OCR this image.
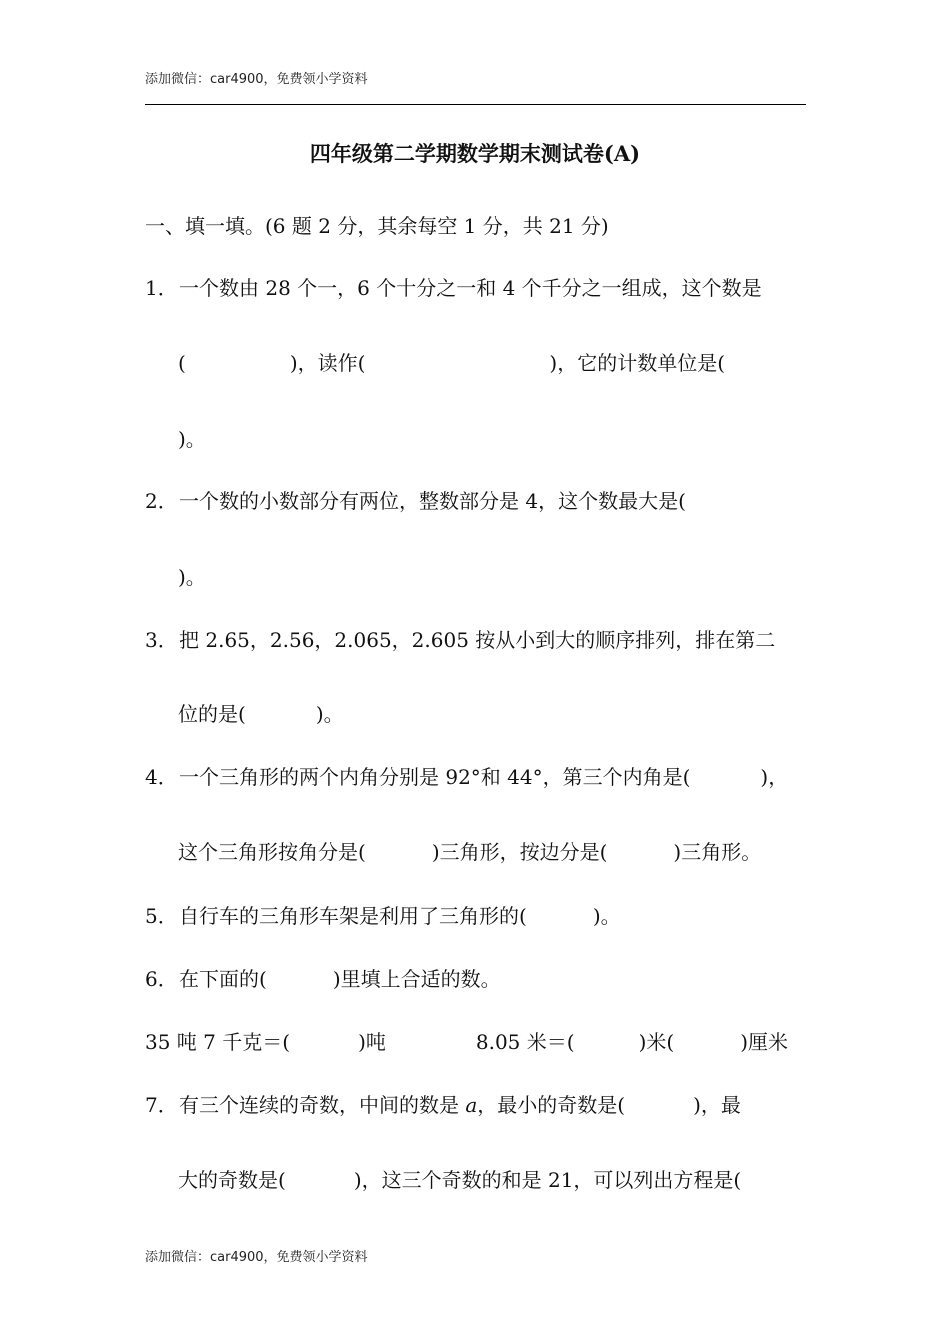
添加微信：car4900，免费领小学资料
四年级第二学期数学期末测试卷(A)
一、填一填。(6 题 2 分，其余每空 1 分，共 21 分)
1．一个数由 28 个一，6 个十分之一和 4 个千分之一组成，这个数是
(	)，读作(	)，它的计数单位是(
)。
2．一个数的小数部分有两位，整数部分是 4，这个数最大是(
)。
3．把 2.65，2.56，2.065，2.605 按从小到大的顺序排列，排在第二
位的是(	)。
4．一个三角形的两个内角分别是 92°和 44°，第三个内角是(	)，
这个三角形按角分是(	)三角形，按边分是(	)三角形。
5．自行车的三角形车架是利用了三角形的(	)。
6．在下面的(	)里填上合适的数。
35 吨 7 千克＝(	)吨	8.05 米＝(	)米(	)厘米
7．有三个连续的奇数，中间的数是 a，最小的奇数是(	)，最
大的奇数是(	)，这三个奇数的和是 21，可以列出方程是(
添加微信：car4900，免费领小学资料
